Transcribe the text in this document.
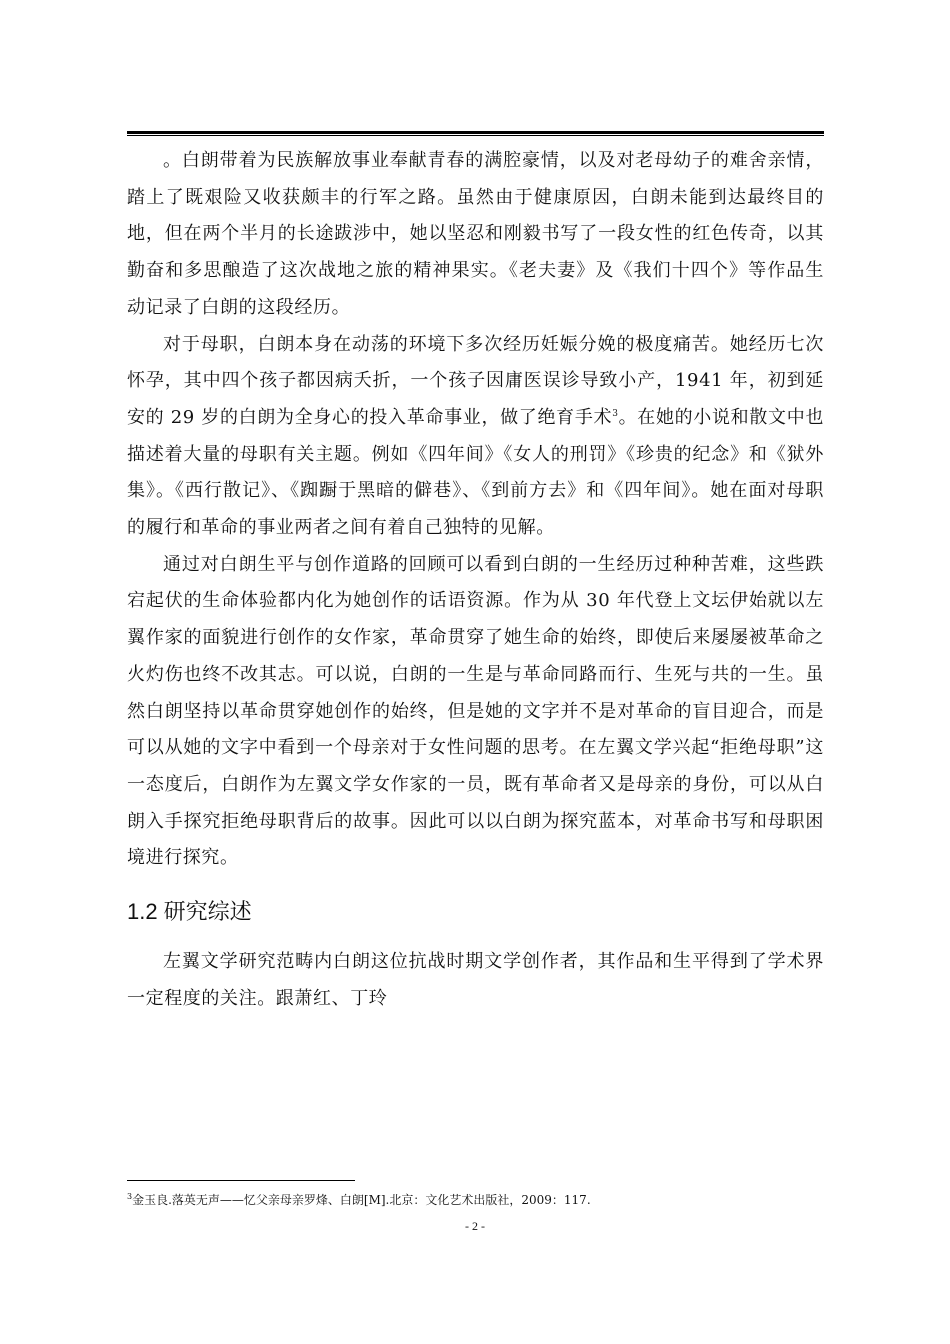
。白朗带着为民族解放事业奉献青春的满腔豪情，以及对老母幼子的难舍亲情，踏上了既艰险又收获颇丰的行军之路。虽然由于健康原因，白朗未能到达最终目的地，但在两个半月的长途跋涉中，她以坚忍和刚毅书写了一段女性的红色传奇，以其勤奋和多思酿造了这次战地之旅的精神果实。《老夫妻》及《我们十四个》等作品生动记录了白朗的这段经历。

对于母职，白朗本身在动荡的环境下多次经历妊娠分娩的极度痛苦。她经历七次怀孕，其中四个孩子都因病夭折，一个孩子因庸医误诊导致小产，1941 年，初到延安的 29 岁的白朗为全身心的投入革命事业，做了绝育手术$^3$。在她的小说和散文中也描述着大量的母职有关主题。例如《四年间》《女人的刑罚》《珍贵的纪念》和《狱外集》。《西行散记》、《踟蹰于黑暗的僻巷》、《到前方去》和《四年间》。她在面对母职的履行和革命的事业两者之间有着自己独特的见解。

通过对白朗生平与创作道路的回顾可以看到白朗的一生经历过种种苦难，这些跌宕起伏的生命体验都内化为她创作的话语资源。作为从 30 年代登上文坛伊始就以左翼作家的面貌进行创作的女作家，革命贯穿了她生命的始终，即使后来屡屡被革命之火灼伤也终不改其志。可以说，白朗的一生是与革命同路而行、生死与共的一生。虽然白朗坚持以革命贯穿她创作的始终，但是她的文字并不是对革命的盲目迎合，而是可以从她的文字中看到一个母亲对于女性问题的思考。在左翼文学兴起“拒绝母职”这一态度后，白朗作为左翼文学女作家的一员，既有革命者又是母亲的身份，可以从白朗入手探究拒绝母职背后的故事。因此可以以白朗为探究蓝本，对革命书写和母职困境进行探究。

1.2 研究综述

左翼文学研究范畴内白朗这位抗战时期文学创作者，其作品和生平得到了学术界一定程度的关注。跟萧红、丁玲

$^3$金玉良.落英无声——忆父亲母亲罗烽、白朗[M].北京：文化艺术出版社，2009：117.
- 2 -
